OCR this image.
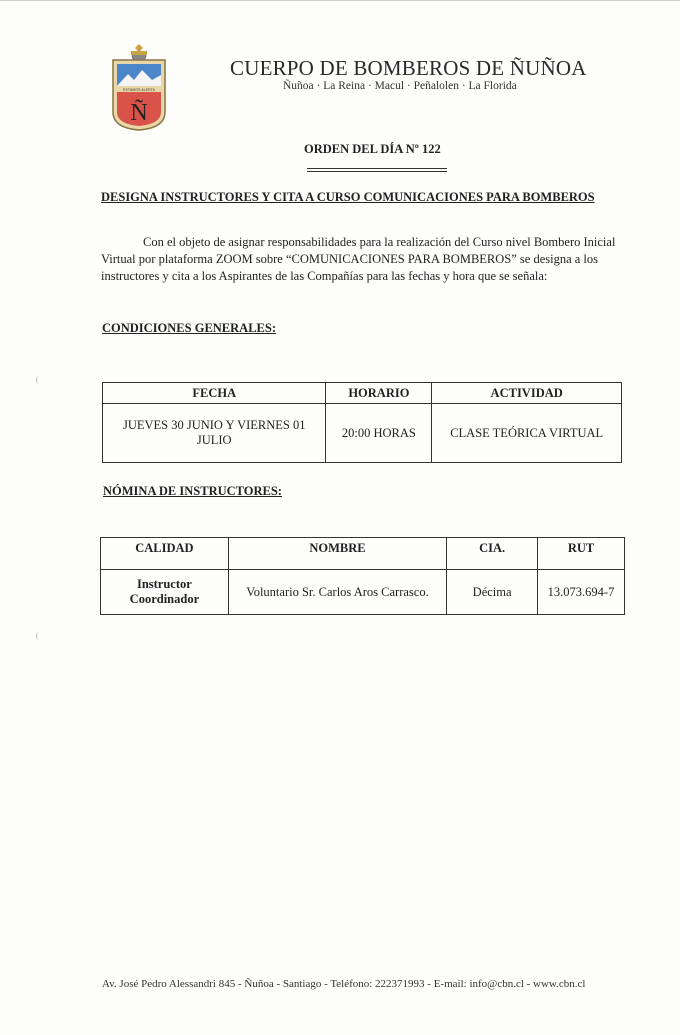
EXTAMOS ALERTA
Ñ
CUERPO DE BOMBEROS DE ÑUÑOA
Ñuñoa · La Reina · Macul · Peñalolen · La Florida
ORDEN DEL DÍA Nº 122
DESIGNA INSTRUCTORES Y CITA A CURSO COMUNICACIONES PARA BOMBEROS
Con el objeto de asignar responsabilidades para la realización del Curso nivel Bombero Inicial Virtual por plataforma ZOOM sobre “COMUNICACIONES PARA BOMBEROS” se designa a los instructores y cita a los Aspirantes de las Compañías para las fechas y hora que se señala:
CONDICIONES GENERALES:
FECHA	HORARIO	ACTIVIDAD
JUEVES 30 JUNIO Y VIERNES 01 JULIO	20:00 HORAS	CLASE TEÓRICA VIRTUAL
NÓMINA DE INSTRUCTORES:
CALIDAD	NOMBRE	CIA.	RUT
Instructor Coordinador	Voluntario Sr. Carlos Aros Carrasco.	Décima	13.073.694-7
Av. José Pedro Alessandri 845 - Ñuñoa - Santiago - Teléfono: 222371993 - E-mail: info@cbn.cl - www.cbn.cl
